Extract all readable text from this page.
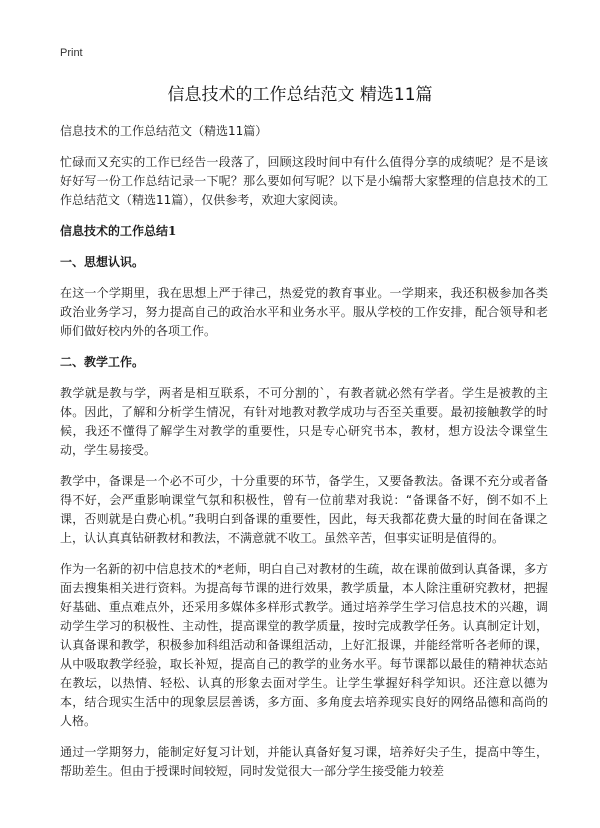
Print
信息技术的工作总结范文 精选11篇

信息技术的工作总结范文（精选11篇）

忙碌而又充实的工作已经告一段落了，回顾这段时间中有什么值得分享的成绩呢？是不是该好好写一份工作总结记录一下呢？那么要如何写呢？以下是小编帮大家整理的信息技术的工作总结范文（精选11篇），仅供参考，欢迎大家阅读。

信息技术的工作总结1

一、思想认识。

在这一个学期里，我在思想上严于律己，热爱党的教育事业。一学期来，我还积极参加各类政治业务学习，努力提高自己的政治水平和业务水平。服从学校的工作安排，配合领导和老师们做好校内外的各项工作。

二、教学工作。

教学就是教与学，两者是相互联系，不可分割的`，有教者就必然有学者。学生是被教的主体。因此，了解和分析学生情况，有针对地教对教学成功与否至关重要。最初接触教学的时候，我还不懂得了解学生对教学的重要性，只是专心研究书本，教材，想方设法令课堂生动，学生易接受。

教学中，备课是一个必不可少，十分重要的环节，备学生，又要备教法。备课不充分或者备得不好，会严重影响课堂气氛和积极性，曾有一位前辈对我说：“备课备不好，倒不如不上课，否则就是白费心机。”我明白到备课的重要性，因此，每天我都花费大量的时间在备课之上，认认真真钻研教材和教法，不满意就不收工。虽然辛苦，但事实证明是值得的。

作为一名新的初中信息技术的*老师，明白自己对教材的生疏，故在课前做到认真备课，多方面去搜集相关进行资料。为提高每节课的进行效果，教学质量，本人除注重研究教材，把握好基础、重点难点外，还采用多媒体多样形式教学。通过培养学生学习信息技术的兴趣，调动学生学习的积极性、主动性，提高课堂的教学质量，按时完成教学任务。认真制定计划，认真备课和教学，积极参加科组活动和备课组活动，上好汇报课，并能经常听各老师的课，从中吸取教学经验，取长补短，提高自己的教学的业务水平。每节课都以最佳的精神状态站在教坛，以热情、轻松、认真的形象去面对学生。让学生掌握好科学知识。还注意以德为本，结合现实生活中的现象层层善诱，多方面、多角度去培养现实良好的网络品德和高尚的人格。

通过一学期努力，能制定好复习计划，并能认真备好复习课，培养好尖子生，提高中等生，帮助差生。但由于授课时间较短，同时发觉很大一部分学生接受能力较差
